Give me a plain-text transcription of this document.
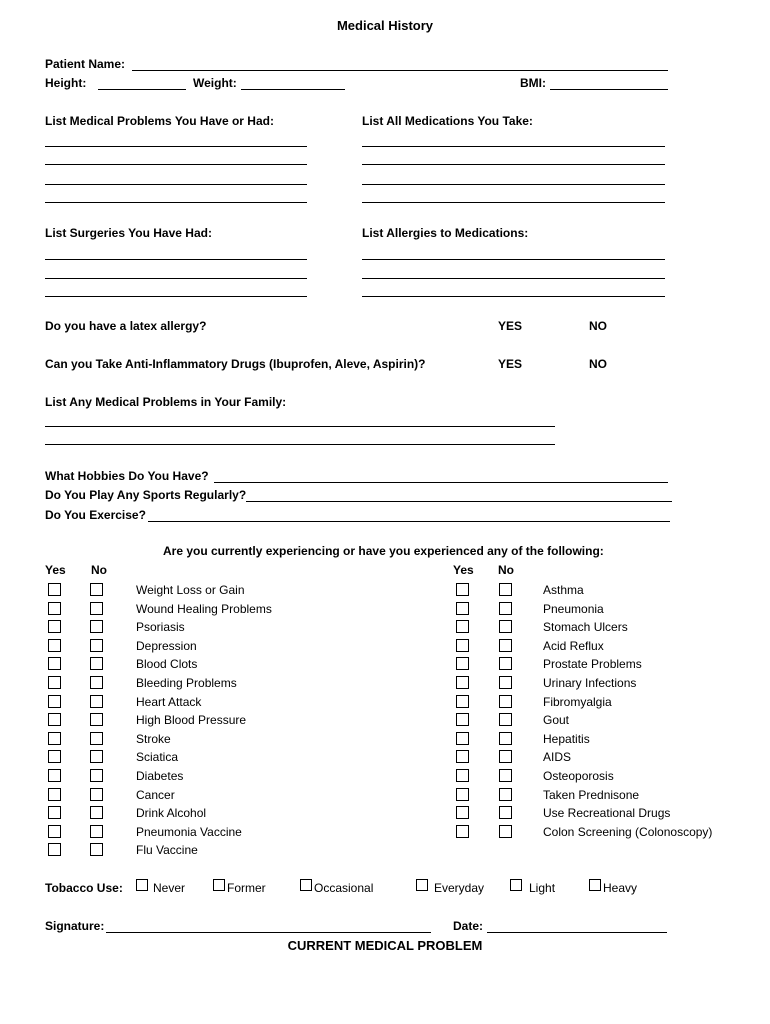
Medical History
Patient Name:
Height:	Weight:	BMI:
List Medical Problems You Have or Had:	List All Medications You Take:
List Surgeries You Have Had:	List Allergies to Medications:
Do you have a latex allergy?	YES	NO
Can you Take Anti-Inflammatory Drugs (Ibuprofen, Aleve, Aspirin)?	YES	NO
List Any Medical Problems in Your Family:
What Hobbies Do You Have?
Do You Play Any Sports Regularly?
Do You Exercise?
Are you currently experiencing or have you experienced any of the following:
Yes No	Yes No
Weight Loss or Gain
Wound Healing Problems
Psoriasis
Depression
Blood Clots
Bleeding Problems
Heart Attack
High Blood Pressure
Stroke
Sciatica
Diabetes
Cancer
Drink Alcohol
Pneumonia Vaccine
Flu Vaccine
Asthma
Pneumonia
Stomach Ulcers
Acid Reflux
Prostate Problems
Urinary Infections
Fibromyalgia
Gout
Hepatitis
AIDS
Osteoporosis
Taken Prednisone
Use Recreational Drugs
Colon Screening (Colonoscopy)
Tobacco Use:	Never	Former	Occasional	Everyday	Light	Heavy
Signature:	Date:
CURRENT MEDICAL PROBLEM
